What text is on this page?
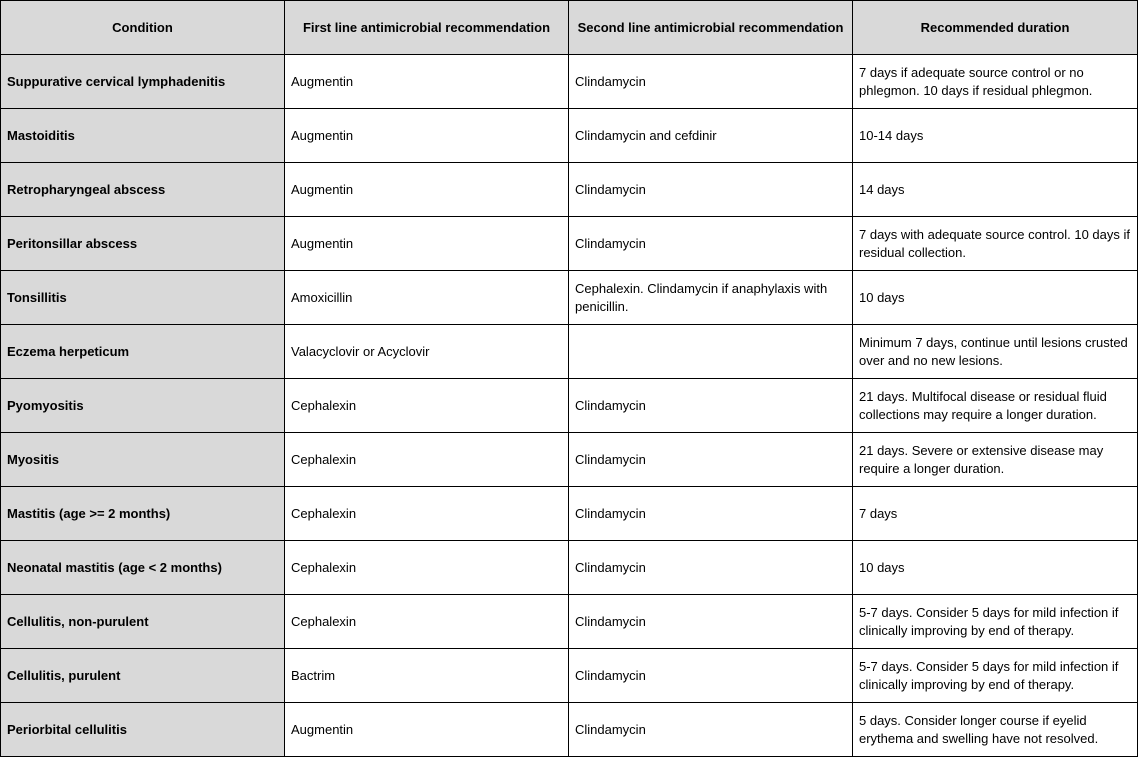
Condition	First line antimicrobial recommendation	Second line antimicrobial recommendation	Recommended duration
Suppurative cervical lymphadenitis	Augmentin	Clindamycin	7 days if adequate source control or no phlegmon. 10 days if residual phlegmon.
Mastoiditis	Augmentin	Clindamycin and cefdinir	10-14 days
Retropharyngeal abscess	Augmentin	Clindamycin	14 days
Peritonsillar abscess	Augmentin	Clindamycin	7 days with adequate source control. 10 days if residual collection.
Tonsillitis	Amoxicillin	Cephalexin. Clindamycin if anaphylaxis with penicillin.	10 days
Eczema herpeticum	Valacyclovir or Acyclovir		Minimum 7 days, continue until lesions crusted over and no new lesions.
Pyomyositis	Cephalexin	Clindamycin	21 days. Multifocal disease or residual fluid collections may require a longer duration.
Myositis	Cephalexin	Clindamycin	21 days. Severe or extensive disease may require a longer duration.
Mastitis (age >= 2 months)	Cephalexin	Clindamycin	7 days
Neonatal mastitis (age < 2 months)	Cephalexin	Clindamycin	10 days
Cellulitis, non-purulent	Cephalexin	Clindamycin	5-7 days. Consider 5 days for mild infection if clinically improving by end of therapy.
Cellulitis, purulent	Bactrim	Clindamycin	5-7 days. Consider 5 days for mild infection if clinically improving by end of therapy.
Periorbital cellulitis	Augmentin	Clindamycin	5 days. Consider longer course if eyelid erythema and swelling have not resolved.
